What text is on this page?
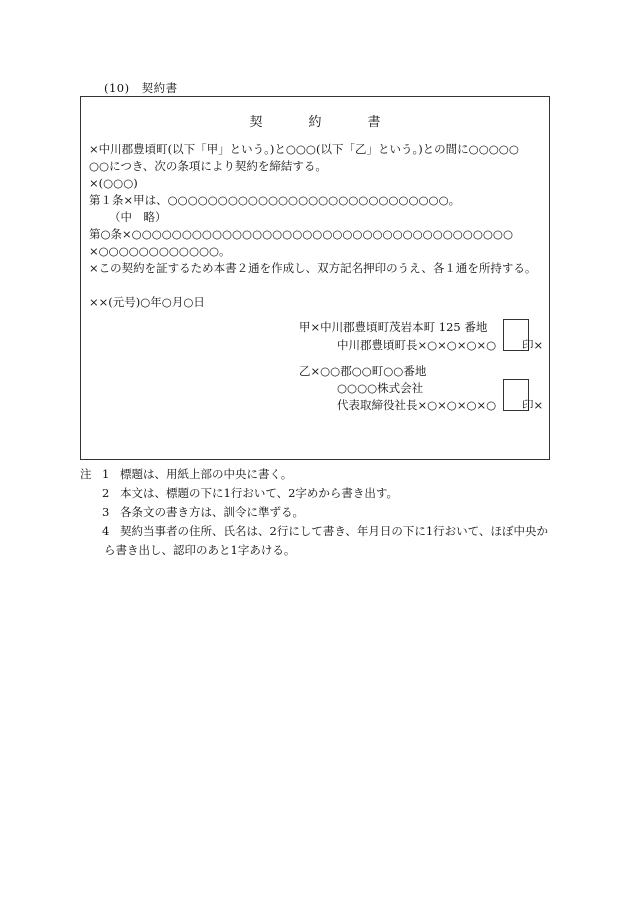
(10)　契約書
契約書
×中川郡豊頃町(以下「甲」という。)と○○○(以下「乙」という。)との間に○○○○○
○○につき、次の条項により契約を締結する。
×(○○○)
第１条×甲は、○○○○○○○○○○○○○○○○○○○○○○○○○○○○。
（中　略）
第○条×○○○○○○○○○○○○○○○○○○○○○○○○○○○○○○○○○○○○○○
×○○○○○○○○○○○○。
×この契約を証するため本書２通を作成し、双方記名押印のうえ、各１通を所持する。
××(元号)○年○月○日
甲×中川郡豊頃町茂岩本町 125 番地
中川郡豊頃町長×○×○×○×○ 印×
乙×○○郡○○町○○番地
○○○○株式会社
代表取締役社長×○×○×○×○ 印×
注 1 標題は、用紙上部の中央に書く。
2 本文は、標題の下に1行おいて、2字めから書き出す。
3 各条文の書き方は、訓令に準ずる。
4 契約当事者の住所、氏名は、2行にして書き、年月日の下に1行おいて、ほぼ中央か
ら書き出し、認印のあと1字あける。
